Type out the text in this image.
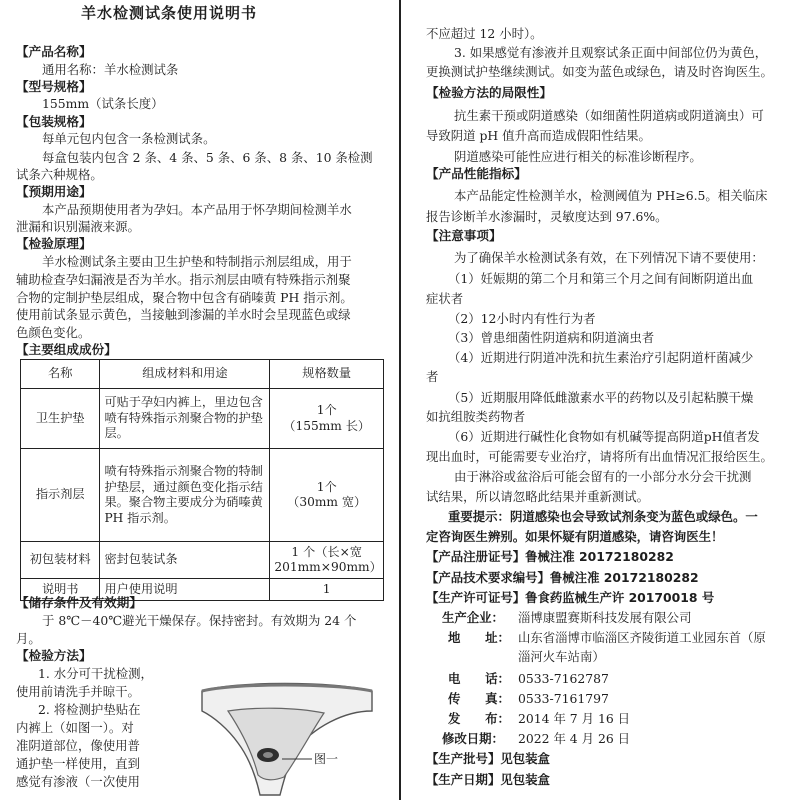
羊水检测试条使用说明书
【产品名称】
通用名称：羊水检测试条
【型号规格】
155mm（试条长度）
【包装规格】
每单元包内包含一条检测试条。
每盒包装内包含 2 条、4 条、5 条、6 条、8 条、10 条检测
试条六种规格。
【预期用途】
本产品预期使用者为孕妇。本产品用于怀孕期间检测羊水
泄漏和识别漏液来源。
【检验原理】
羊水检测试条主要由卫生护垫和特制指示剂层组成，用于
辅助检查孕妇漏液是否为羊水。指示剂层由喷有特殊指示剂聚
合物的定制护垫层组成，聚合物中包含有硝嗪黄 PH 指示剂。
使用前试条显示黄色，当接触到渗漏的羊水时会呈现蓝色或绿
色颜色变化。
【主要组成成份】
名称	组成材料和用途	规格数量
卫生护垫	可贴于孕妇内裤上，里边包含喷有特殊指示剂聚合物的护垫层。	1个
（155mm 长）

指示剂层	喷有特殊指示剂聚合物的特制护垫层，通过颜色变化指示结果。聚合物主要成分为硝嗪黄 PH 指示剂。	1个
（30mm 宽）

初包装材料	密封包装试条	1 个（长×宽
201mm×90mm）

说明书	用户使用说明	1
【储存条件及有效期】
于 8℃－40℃避光干燥保存。保持密封。有效期为 24 个
月。
【检验方法】
1. 水分可干扰检测，
使用前请洗手并晾干。
2. 将检测护垫贴在
内裤上（如图一）。对
准阴道部位，像使用普
通护垫一样使用，直到
感觉有渗液（一次使用
图一
不应超过 12 小时）。
3. 如果感觉有渗液并且观察试条正面中间部位仍为黄色，
更换测试护垫继续测试。如变为蓝色或绿色，请及时咨询医生。
【检验方法的局限性】
抗生素干预或阴道感染（如细菌性阴道病或阴道滴虫）可
导致阴道 pH 值升高而造成假阳性结果。
阴道感染可能性应进行相关的标准诊断程序。
【产品性能指标】
本产品能定性检测羊水，检测阈值为 PH≥6.5。相关临床
报告诊断羊水渗漏时，灵敏度达到 97.6%。
【注意事项】
为了确保羊水检测试条有效，在下列情况下请不要使用：
（1）妊娠期的第二个月和第三个月之间有间断阴道出血
症状者
（2）12小时内有性行为者
（3）曾患细菌性阴道病和阴道滴虫者
（4）近期进行阴道冲洗和抗生素治疗引起阴道杆菌减少
者
（5）近期服用降低雌激素水平的药物以及引起粘膜干燥
如抗组胺类药物者
（6）近期进行碱性化食物如有机碱等提高阴道pH值者发
现出血时，可能需要专业治疗，请将所有出血情况汇报给医生。
由于淋浴或盆浴后可能会留有的一小部分水分会干扰测
试结果，所以请忽略此结果并重新测试。
重要提示：阴道感染也会导致试剂条变为蓝色或绿色。一
定咨询医生辨别。如果怀疑有阴道感染，请咨询医生！
【产品注册证号】鲁械注准 20172180282
【产品技术要求编号】鲁械注准 20172180282
【生产许可证号】鲁食药监械生产许 20170018 号
生产企业： 淄博康盟赛斯科技发展有限公司
地　　址： 山东省淄博市临淄区齐陵街道工业园东首（原
淄河火车站南）
电　　话： 0533-7162787
传　　真： 0533-7161797
发　　布： 2014 年 7 月 16 日
修改日期： 2022 年 4 月 26 日
【生产批号】见包装盒
【生产日期】见包装盒
